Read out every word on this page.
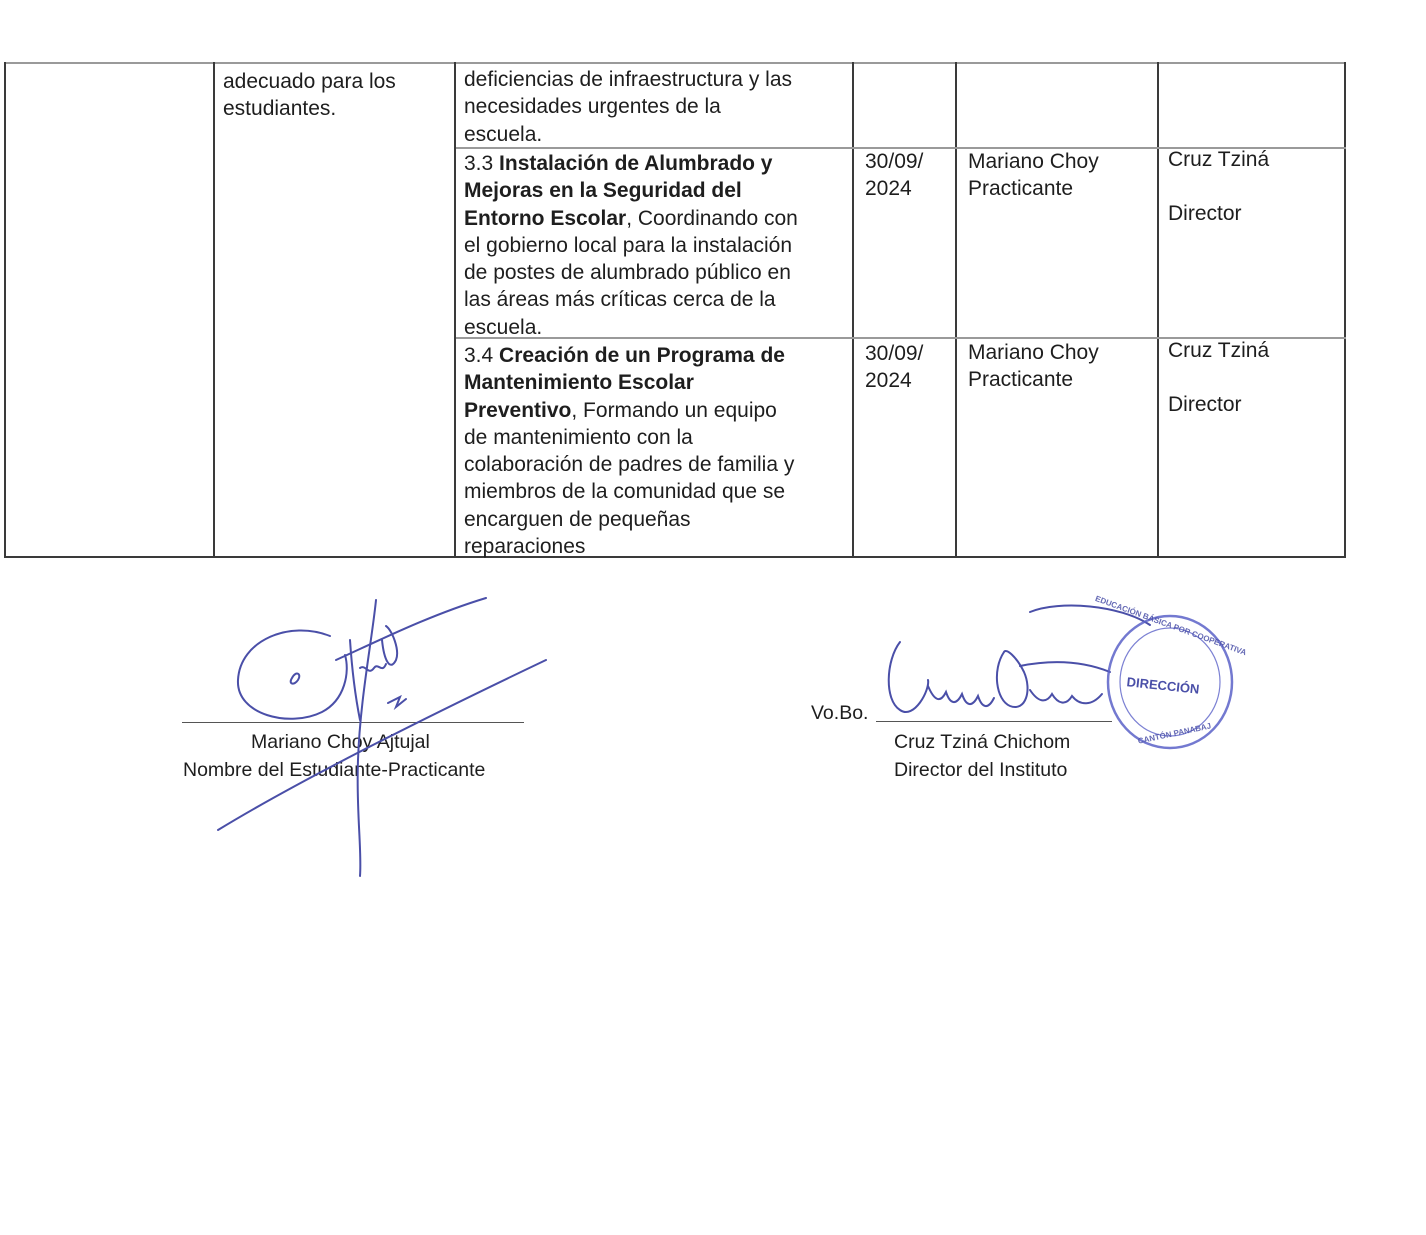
adecuado para los
estudiantes.
deficiencias de infraestructura y las
necesidades urgentes de la
escuela.
3.3 Instalación de Alumbrado y
Mejoras en la Seguridad del
Entorno Escolar, Coordinando con
el gobierno local para la instalación
de postes de alumbrado público en
las áreas más críticas cerca de la
escuela.
30/09/
2024
Mariano Choy
Practicante
Cruz Tziná
Director
3.4 Creación de un Programa de
Mantenimiento Escolar
Preventivo, Formando un equipo
de mantenimiento con la
colaboración de padres de familia y
miembros de la comunidad que se
encarguen de pequeñas
reparaciones
30/09/
2024
Mariano Choy
Practicante
Cruz Tziná
Director
Mariano Choy Ajtujal
Nombre del Estudiante-Practicante
Vo.Bo.
Cruz Tziná Chichom
Director del Instituto
DIRECCIÓN
EDUCACIÓN BÁSICA POR COOPERATIVA
CANTÓN PANABAJ
